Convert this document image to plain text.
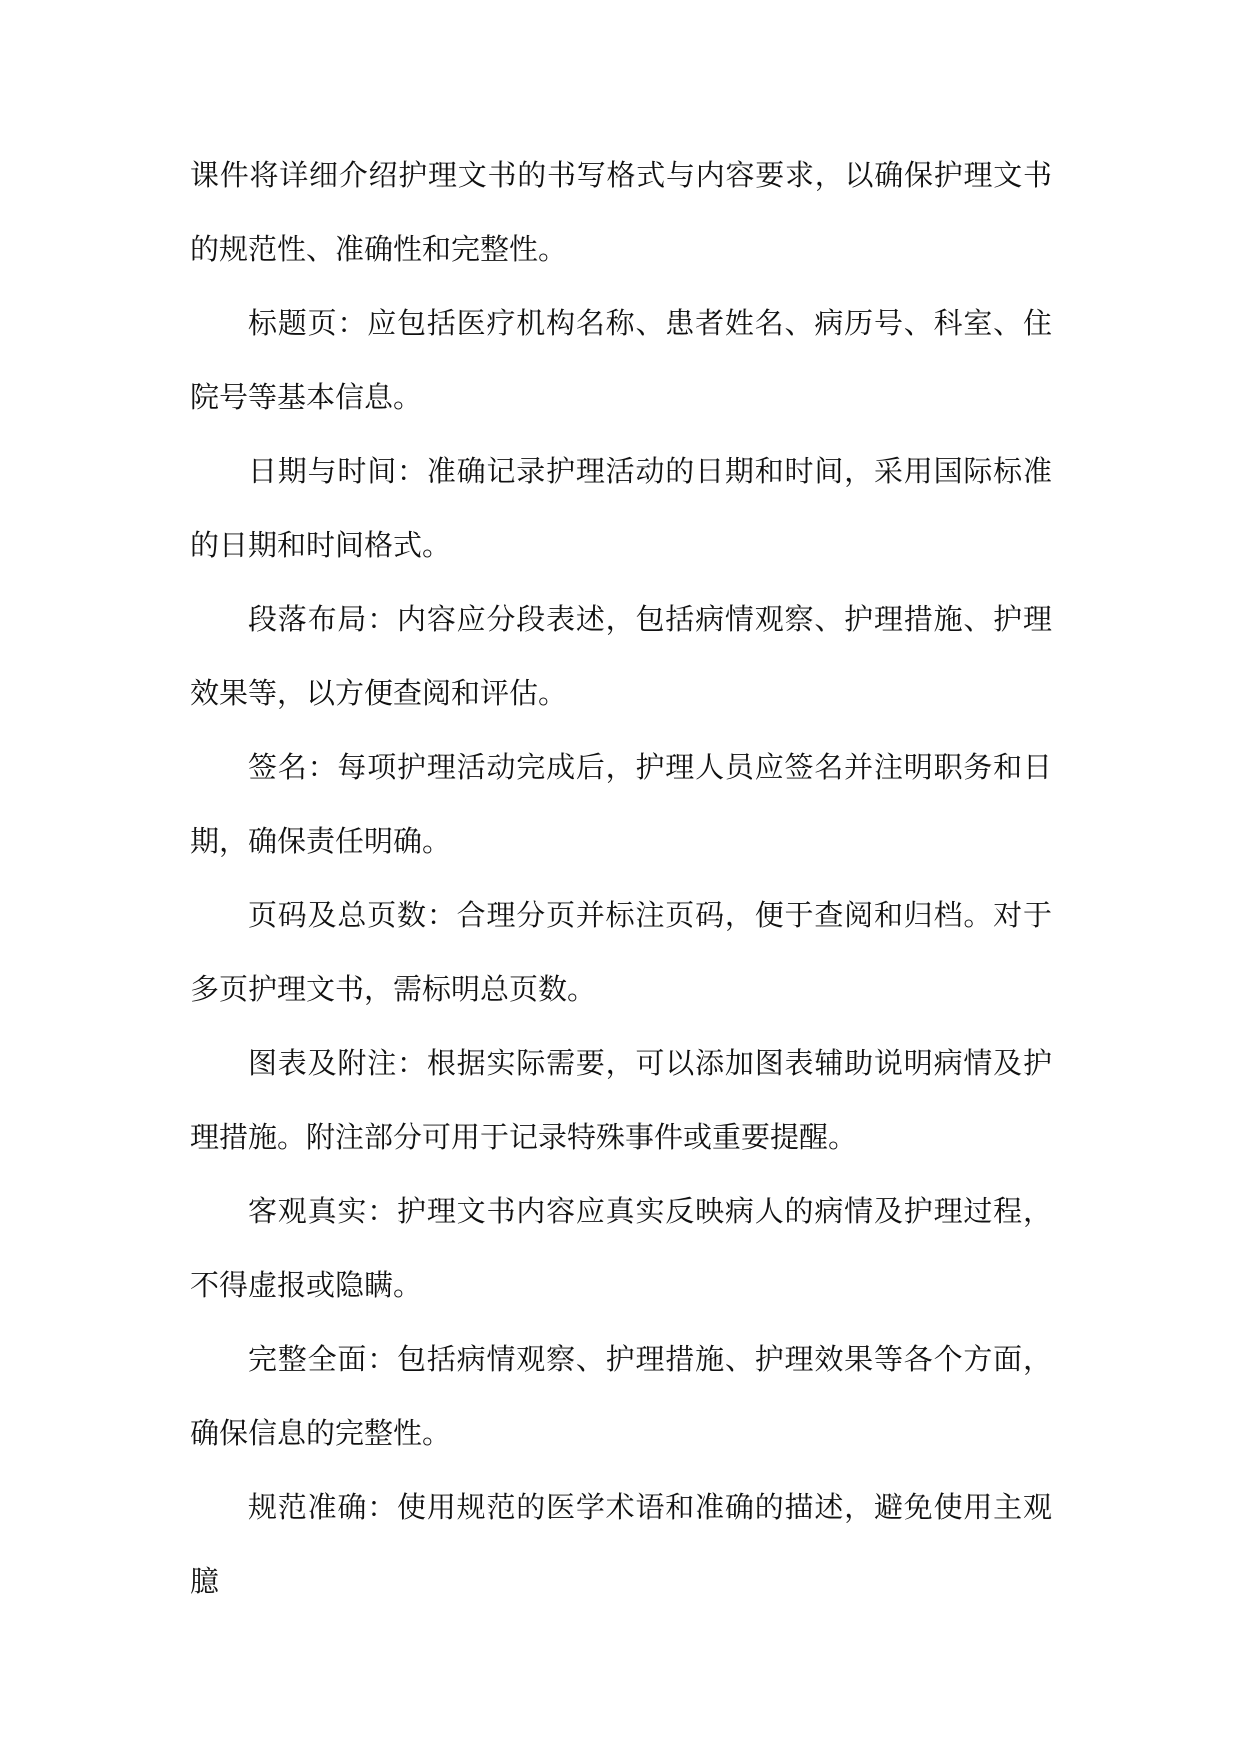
课件将详细介绍护理文书的书写格式与内容要求，以确保护理文书的规范性、准确性和完整性。

标题页：应包括医疗机构名称、患者姓名、病历号、科室、住院号等基本信息。

日期与时间：准确记录护理活动的日期和时间，采用国际标准的日期和时间格式。

段落布局：内容应分段表述，包括病情观察、护理措施、护理效果等，以方便查阅和评估。

签名：每项护理活动完成后，护理人员应签名并注明职务和日期，确保责任明确。

页码及总页数：合理分页并标注页码，便于查阅和归档。对于多页护理文书，需标明总页数。

图表及附注：根据实际需要，可以添加图表辅助说明病情及护理措施。附注部分可用于记录特殊事件或重要提醒。

客观真实：护理文书内容应真实反映病人的病情及护理过程，不得虚报或隐瞒。

完整全面：包括病情观察、护理措施、护理效果等各个方面，确保信息的完整性。

规范准确：使用规范的医学术语和准确的描述，避免使用主观臆
